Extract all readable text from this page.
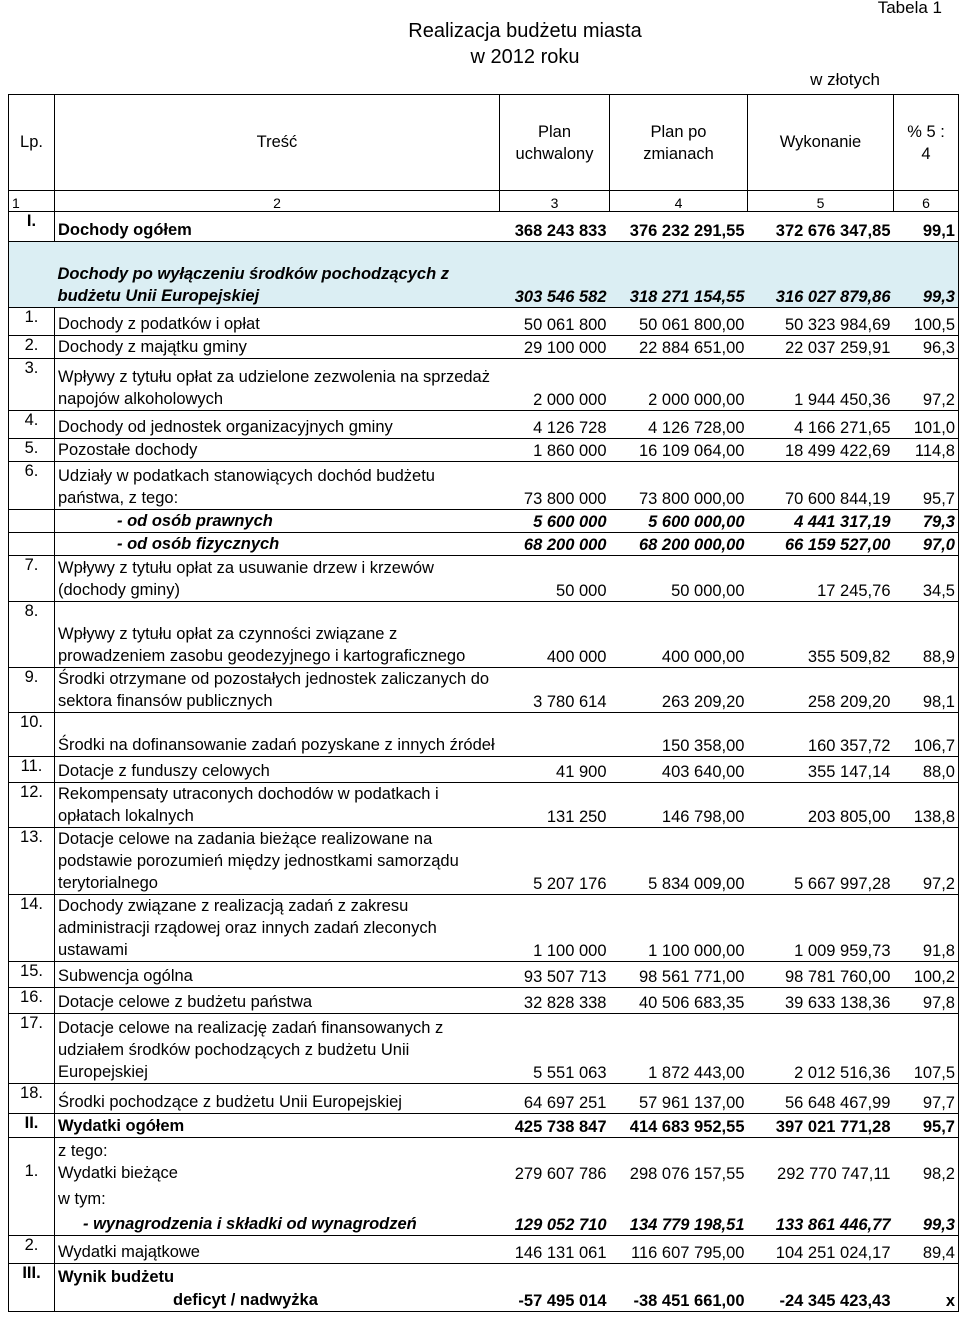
Tabela 1
Realizacja budżetu miasta
w 2012 roku
w złotych
Lp.	Treść	Plan uchwalony	Plan po zmianach	Wykonanie	% 5 : 4
1	2	3	4	5	6
I.	Dochody ogółem	368 243 833	376 232 291,55	372 676 347,85	99,1
	Dochody po wyłączeniu środków pochodzących z budżetu Unii Europejskiej	303 546 582	318 271 154,55	316 027 879,86	99,3
1.	Dochody z podatków i opłat	50 061 800	50 061 800,00	50 323 984,69	100,5
2.	Dochody z majątku gminy	29 100 000	22 884 651,00	22 037 259,91	96,3
3.	Wpływy z tytułu opłat za udzielone zezwolenia na sprzedaż napojów alkoholowych	2 000 000	2 000 000,00	1 944 450,36	97,2
4.	Dochody od jednostek organizacyjnych gminy	4 126 728	4 126 728,00	4 166 271,65	101,0
5.	Pozostałe dochody	1 860 000	16 109 064,00	18 499 422,69	114,8
6.	Udziały w podatkach stanowiących dochód budżetu państwa, z tego:	73 800 000	73 800 000,00	70 600 844,19	95,7
	- od osób prawnych	5 600 000	5 600 000,00	4 441 317,19	79,3
	- od osób fizycznych	68 200 000	68 200 000,00	66 159 527,00	97,0
7.	Wpływy z tytułu opłat za usuwanie drzew i krzewów (dochody gminy)	50 000	50 000,00	17 245,76	34,5
8.	Wpływy z tytułu opłat za czynności związane z prowadzeniem zasobu geodezyjnego i kartograficznego	400 000	400 000,00	355 509,82	88,9
9.	Środki otrzymane od pozostałych jednostek zaliczanych do sektora finansów publicznych	3 780 614	263 209,20	258 209,20	98,1
10.	Środki na dofinansowanie zadań pozyskane z innych źródeł		150 358,00	160 357,72	106,7
11.	Dotacje z funduszy celowych	41 900	403 640,00	355 147,14	88,0
12.	Rekompensaty utraconych dochodów w podatkach i opłatach lokalnych	131 250	146 798,00	203 805,00	138,8
13.	Dotacje celowe na zadania bieżące realizowane na podstawie porozumień między jednostkami samorządu terytorialnego	5 207 176	5 834 009,00	5 667 997,28	97,2
14.	Dochody związane z realizacją zadań z zakresu administracji rządowej oraz innych zadań zleconych ustawami	1 100 000	1 100 000,00	1 009 959,73	91,8
15.	Subwencja ogólna	93 507 713	98 561 771,00	98 781 760,00	100,2
16.	Dotacje celowe z budżetu państwa	32 828 338	40 506 683,35	39 633 138,36	97,8
17.	Dotacje celowe na realizację zadań finansowanych z udziałem środków pochodzących z budżetu Unii Europejskiej	5 551 063	1 872 443,00	2 012 516,36	107,5
18.	Środki pochodzące z budżetu Unii Europejskiej	64 697 251	57 961 137,00	56 648 467,99	97,7
II.	Wydatki ogółem	425 738 847	414 683 952,55	397 021 771,28	95,7
	z tego:				
1.	Wydatki bieżące	279 607 786	298 076 157,55	292 770 747,11	98,2
	w tym:				
	- wynagrodzenia i składki od wynagrodzeń	129 052 710	134 779 198,51	133 861 446,77	99,3
2.	Wydatki majątkowe	146 131 061	116 607 795,00	104 251 024,17	89,4
III.	Wynik budżetu				
	deficyt / nadwyżka	-57 495 014	-38 451 661,00	-24 345 423,43	x
